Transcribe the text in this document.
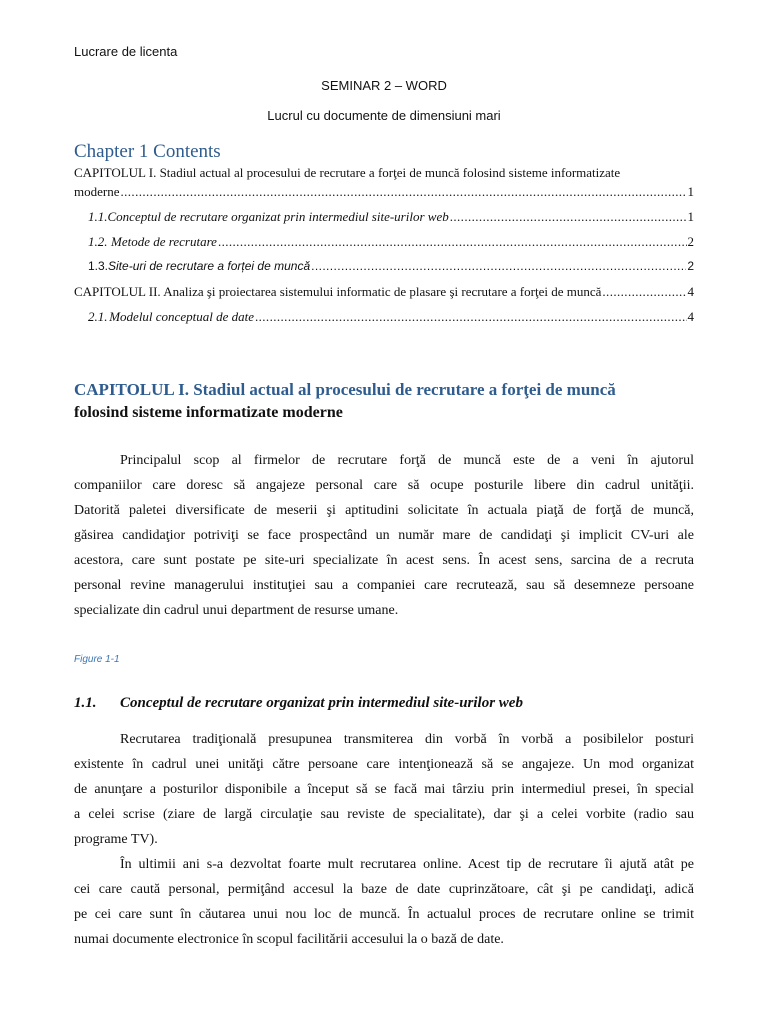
Lucrare de licenta
SEMINAR 2 – WORD
Lucrul cu documente de dimensiuni mari
Chapter 1 Contents
CAPITOLUL I. Stadiul actual al procesului de recrutare a forţei de muncă folosind sisteme informatizate
moderne .....	1
1.1. Conceptul de recrutare organizat prin intermediul site-urilor web .....	1
1.2. Metode de recrutare .....	2
1.3. Site-uri de recrutare a forței de muncă .....	2
CAPITOLUL II. Analiza şi proiectarea sistemului informatic de plasare şi recrutare a forţei de muncă .....	4
2.1. Modelul conceptual de date .....	4
CAPITOLUL I. Stadiul actual al procesului de recrutare a forţei de muncă
folosind sisteme informatizate moderne
Principalul scop al firmelor de recrutare forţă de muncă este de a veni în ajutorul
companiilor care doresc să angajeze personal care să ocupe posturile libere din cadrul unităţii.
Datorită paletei diversificate de meserii şi aptitudini solicitate în actuala piaţă de forţă de muncă,
găsirea candidaţior potriviţi se face prospectând un număr mare de candidaţi şi implicit CV-uri ale
acestora, care sunt postate pe site-uri specializate în acest sens. În acest sens, sarcina de a recruta
personal revine managerului instituţiei sau a companiei care recrutează, sau să desemneze persoane
specializate din cadrul unui department de resurse umane.
Figure 1-1
1.1. Conceptul de recrutare organizat prin intermediul site-urilor web
Recrutarea tradiţională presupunea transmiterea din vorbă în vorbă a posibilelor posturi
existente în cadrul unei unităţi către persoane care intenţionează să se angajeze. Un mod organizat
de anunţare a posturilor disponibile a început să se facă mai târziu prin intermediul presei, în special
a celei scrise (ziare de largă circulaţie sau reviste de specialitate), dar şi a celei vorbite (radio sau
programe TV).
În ultimii ani s-a dezvoltat foarte mult recrutarea online. Acest tip de recrutare îi ajută atât pe
cei care caută personal, permiţând accesul la baze de date cuprinzătoare, cât şi pe candidaţi, adică
pe cei care sunt în căutarea unui nou loc de muncă. În actualul proces de recrutare online se trimit
numai documente electronice în scopul facilitării accesului la o bază de date.
